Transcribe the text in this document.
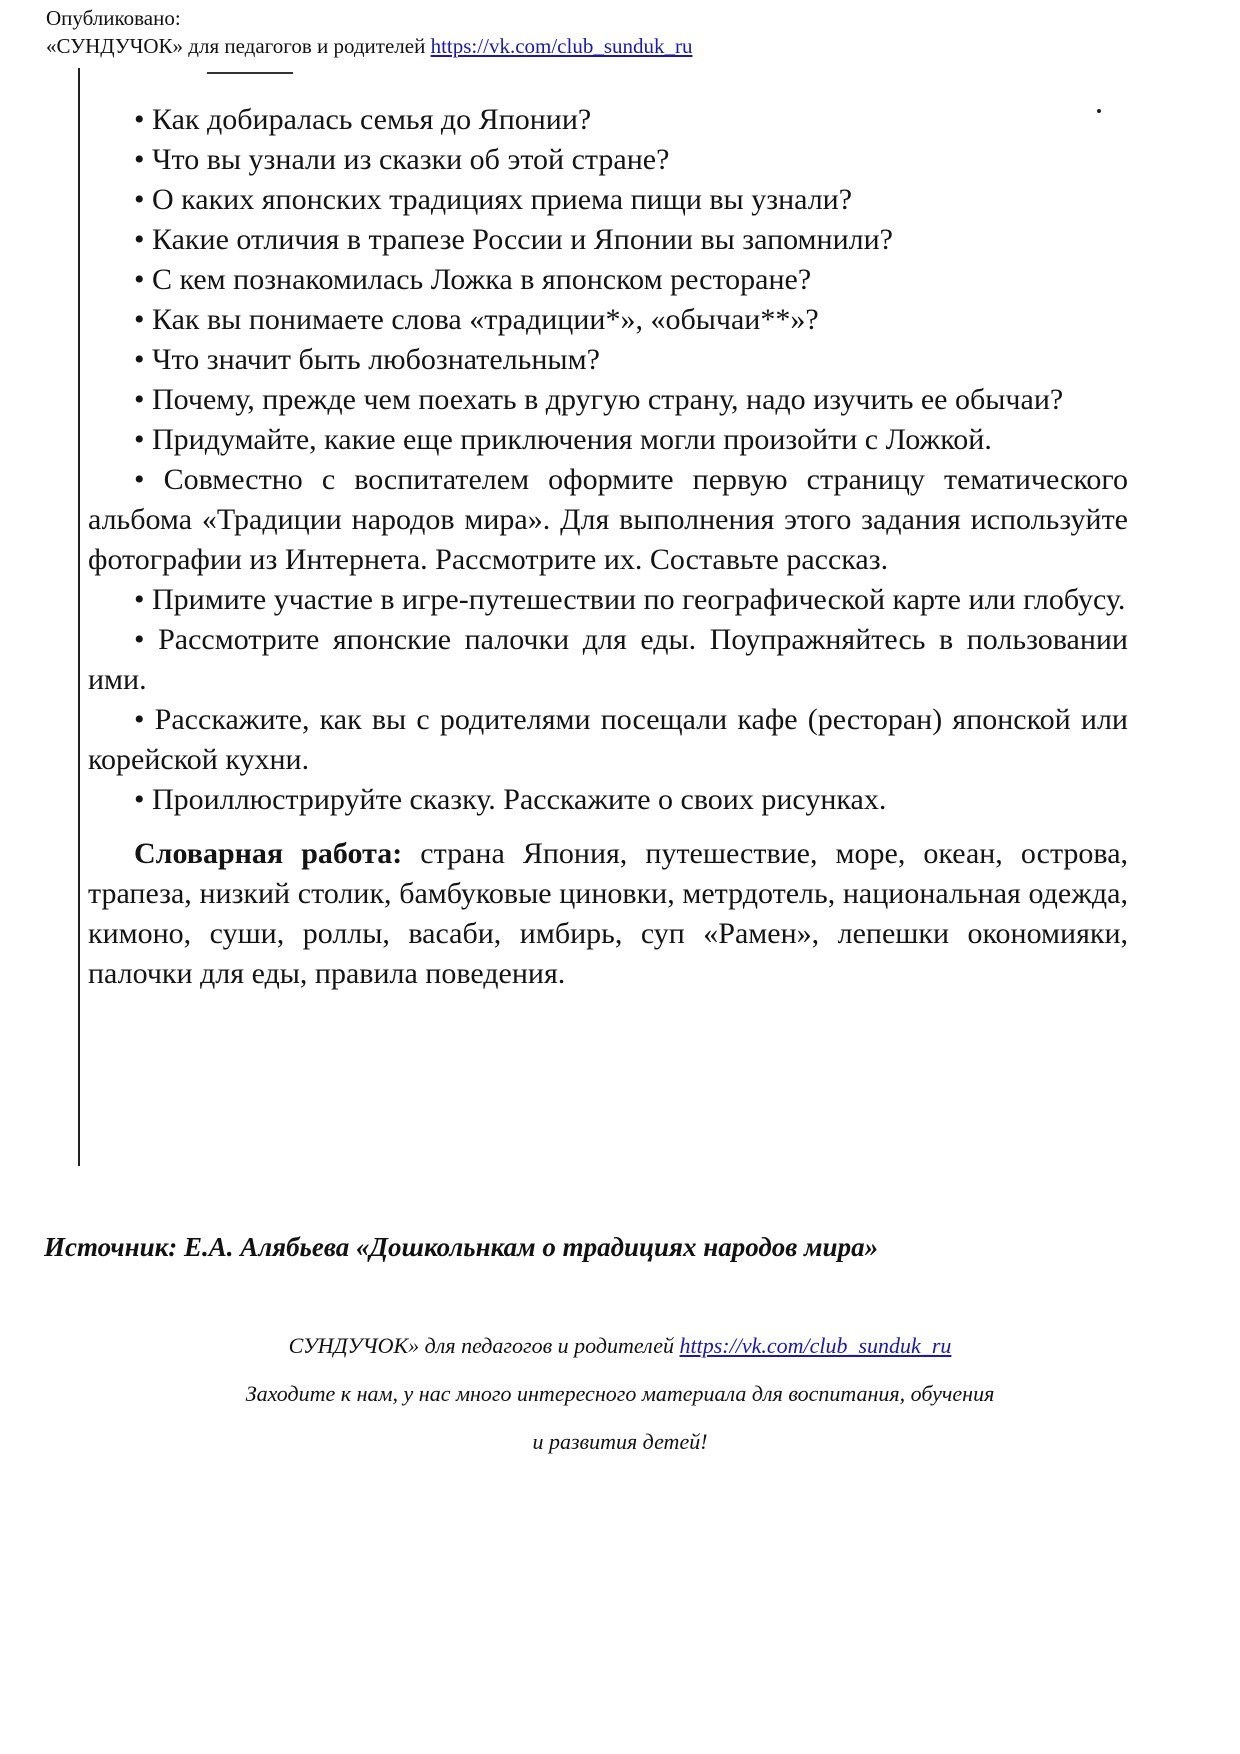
Опубликовано:
«СУНДУЧОК» для педагогов и родителей https://vk.com/club_sunduk_ru

• Как добиралась семья до Японии?

• Что вы узнали из сказки об этой стране?

• О каких японских традициях приема пищи вы узнали?

• Какие отличия в трапезе России и Японии вы запомнили?

• С кем познакомилась Ложка в японском ресторане?

• Как вы понимаете слова «традиции*», «обычаи**»?

• Что значит быть любознательным?

• Почему, прежде чем поехать в другую страну, надо изучить ее обычаи?

• Придумайте, какие еще приключения могли произойти с Ложкой.

• Совместно с воспитателем оформите первую страницу тематического альбома «Традиции народов мира». Для выполнения этого задания используйте фотографии из Интернета. Рассмотрите их. Составьте рассказ.

• Примите участие в игре-путешествии по географической карте или глобусу.

• Рассмотрите японские палочки для еды. Поупражняйтесь в пользовании ими.

• Расскажите, как вы с родителями посещали кафе (ресторан) японской или корейской кухни.

• Проиллюстрируйте сказку. Расскажите о своих рисунках.

Словарная работа: страна Япония, путешествие, море, океан, острова, трапеза, низкий столик, бамбуковые циновки, метрдотель, национальная одежда, кимоно, суши, роллы, васаби, имбирь, суп «Рамен», лепешки окономияки, палочки для еды, правила поведения.

Источник: Е.А. Алябьева «Дошкольнкам о традициях народов мира»

СУНДУЧОК» для педагогов и родителей https://vk.com/club_sunduk_ru

Заходите к нам, у нас много интересного материала для воспитания, обучения

и развития детей!
